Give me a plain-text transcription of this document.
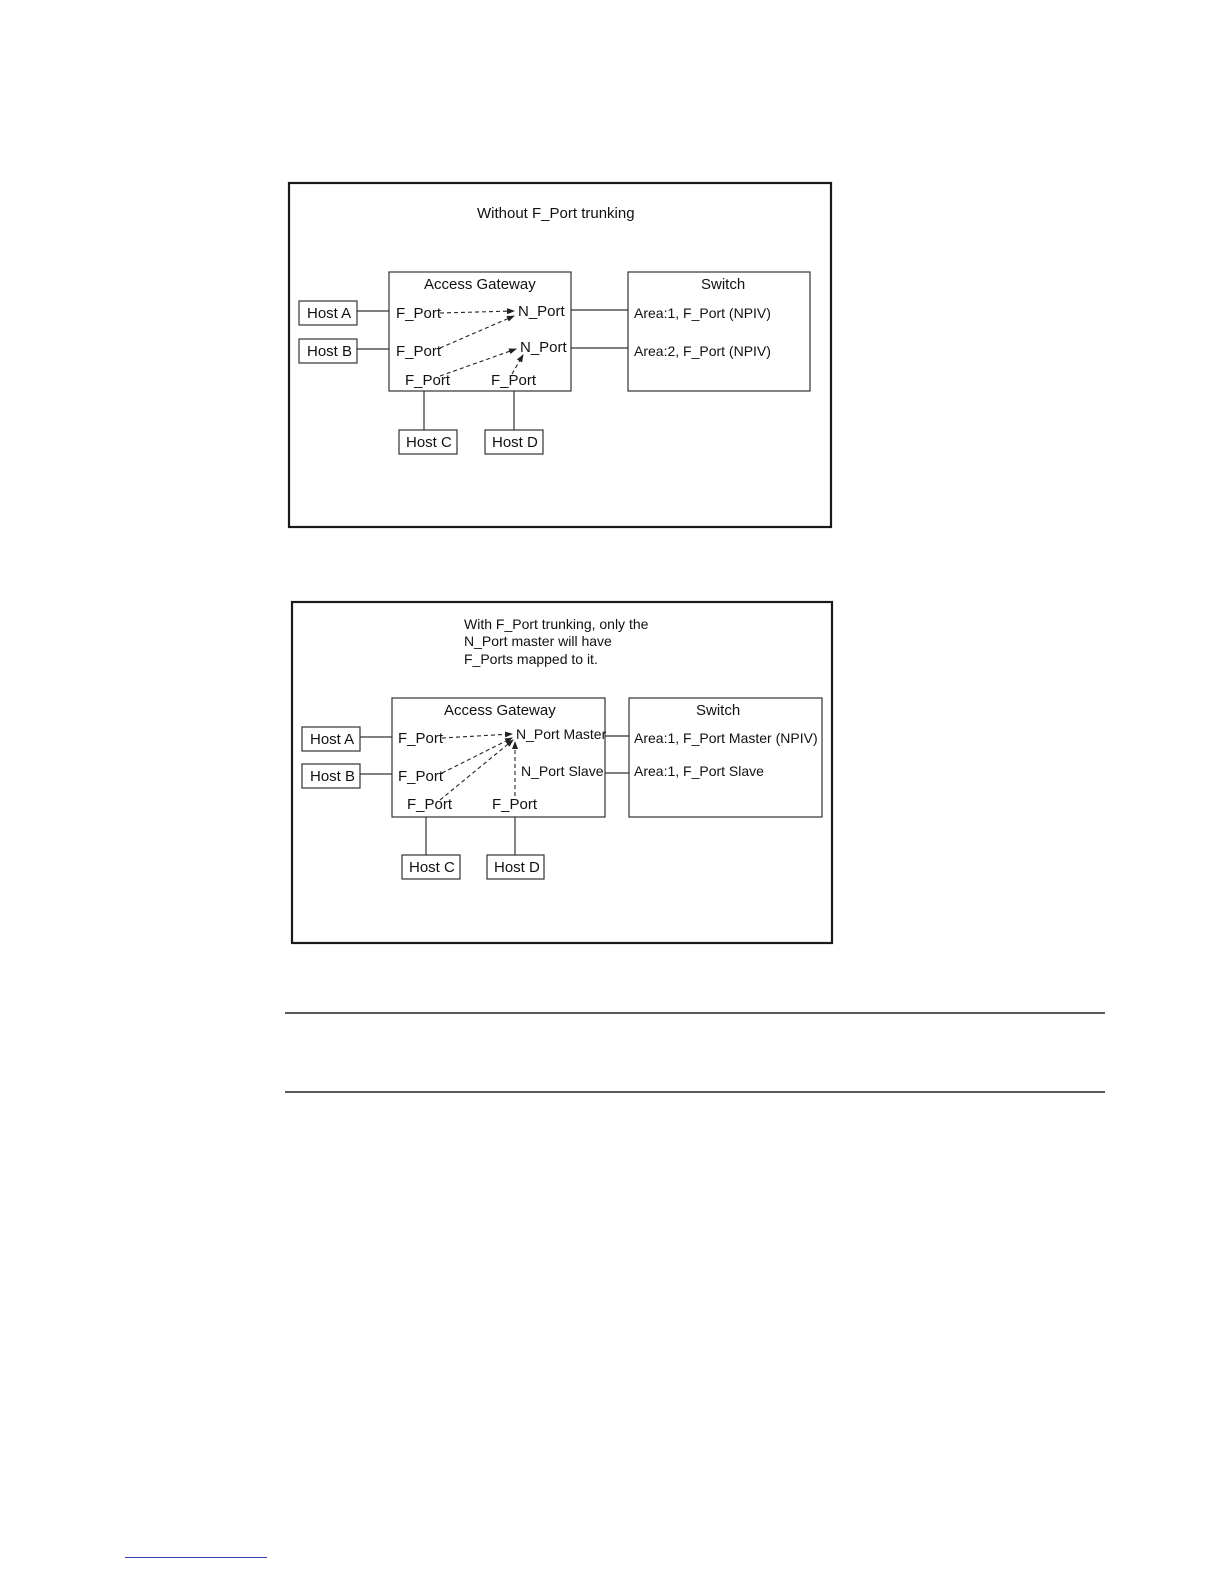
Without F_Port trunking
Access Gateway
F_Port
F_Port
F_Port	F_Port
N_Port
N_Port
Switch
Area:1, F_Port (NPIV)
Area:2, F_Port (NPIV)
Host A
Host B
Host C	Host D
With F_Port trunking, only the
N_Port master will have
F_Ports mapped to it.
Access Gateway
F_Port
F_Port
F_Port	F_Port
N_Port Master
N_Port Slave
Switch
Area:1, F_Port Master (NPIV)
Area:1, F_Port Slave
Host A
Host B
Host C	Host D
